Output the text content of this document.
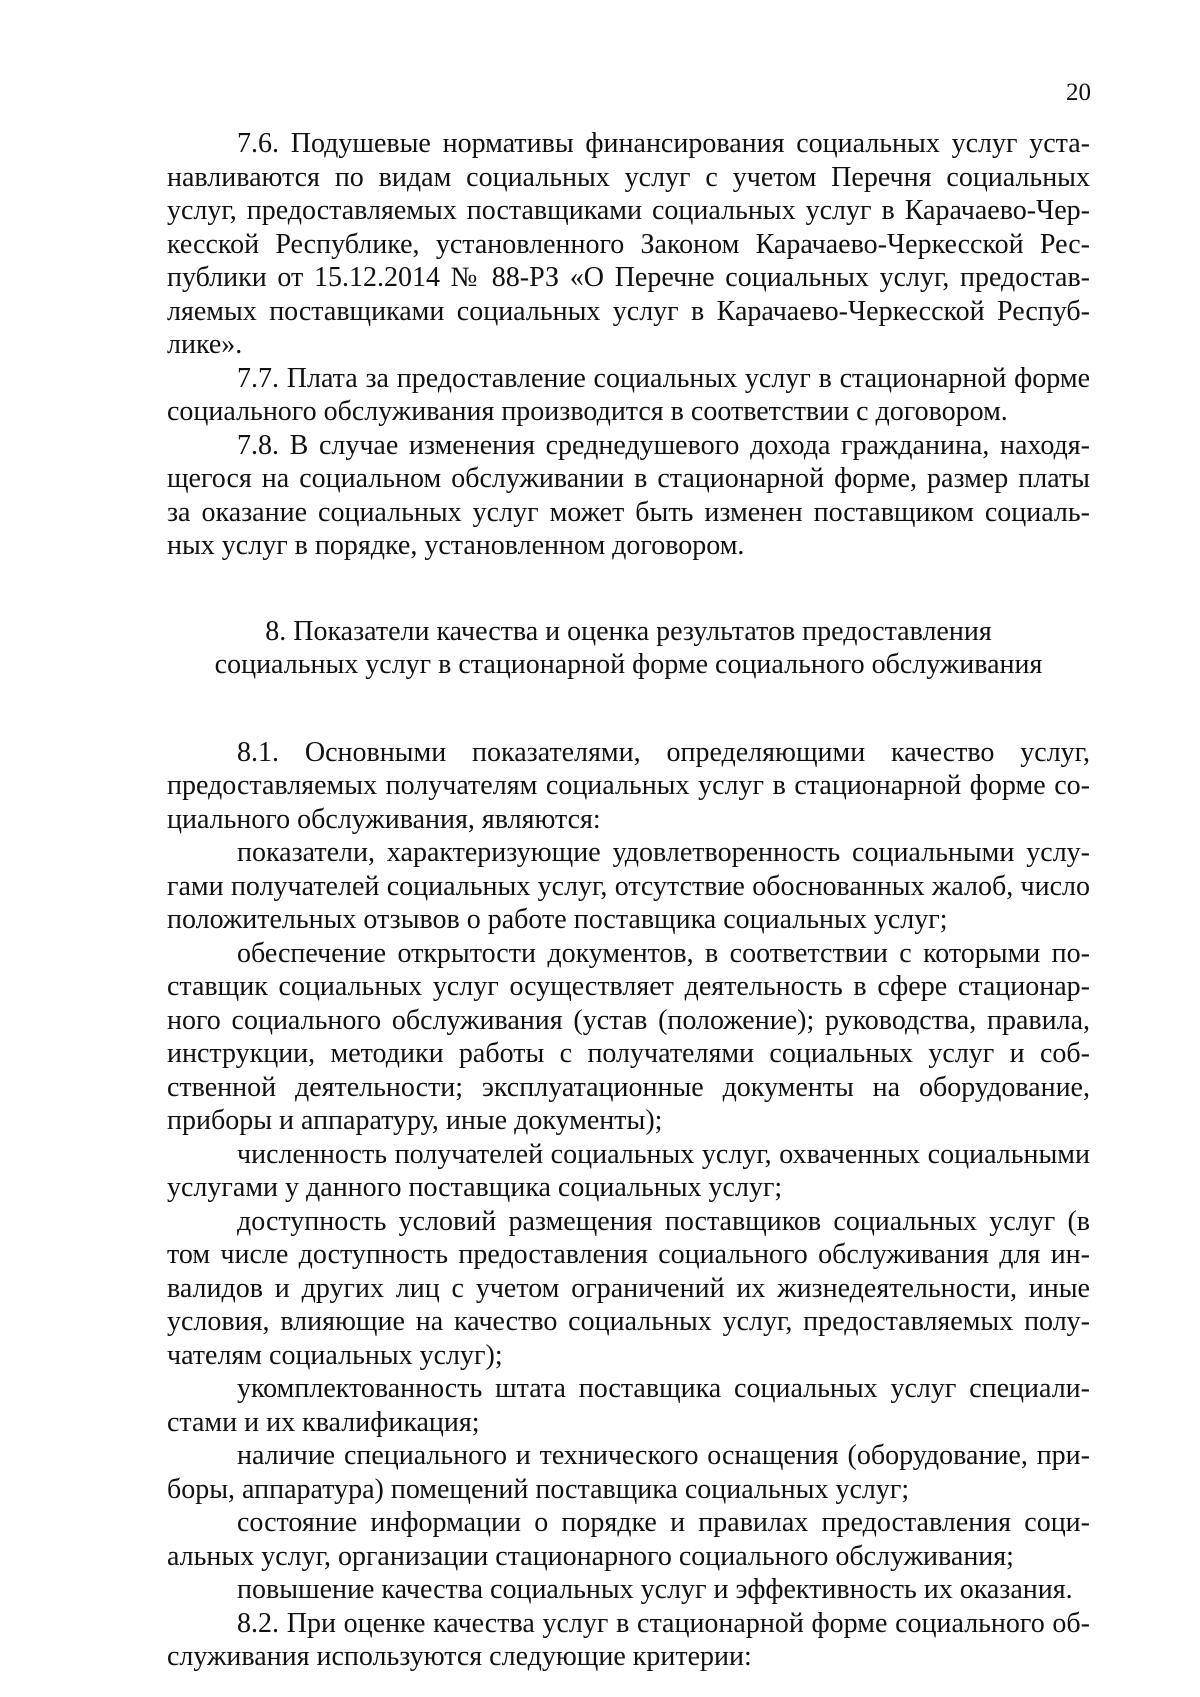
20

7.6. Подушевые нормативы финансирования социальных услуг устанавливаются по видам социальных услуг с учетом Перечня социальных услуг, предоставляемых поставщиками социальных услуг в Карачаево-Черкесской Республике, установленного Законом Карачаево-Черкесской Республики от 15.12.2014 № 88-РЗ «О Перечне социальных услуг, предоставляемых поставщиками социальных услуг в Карачаево-Черкесской Республике».

7.7. Плата за предоставление социальных услуг в стационарной форме социального обслуживания производится в соответствии с договором.

7.8. В случае изменения среднедушевого дохода гражданина, находящегося на социальном обслуживании в стационарной форме, размер платы за оказание социальных услуг может быть изменен поставщиком социальных услуг в порядке, установленном договором.

8. Показатели качества и оценка результатов предоставления
социальных услуг в стационарной форме социального обслуживания

8.1. Основными показателями, определяющими качество услуг, предоставляемых получателям социальных услуг в стационарной форме социального обслуживания, являются:

показатели, характеризующие удовлетворенность социальными услугами получателей социальных услуг, отсутствие обоснованных жалоб, число положительных отзывов о работе поставщика социальных услуг;

обеспечение открытости документов, в соответствии с которыми поставщик социальных услуг осуществляет деятельность в сфере стационарного социального обслуживания (устав (положение); руководства, правила, инструкции, методики работы с получателями социальных услуг и собственной деятельности; эксплуатационные документы на оборудование, приборы и аппаратуру, иные документы);

численность получателей социальных услуг, охваченных социальными услугами у данного поставщика социальных услуг;

доступность условий размещения поставщиков социальных услуг (в том числе доступность предоставления социального обслуживания для инвалидов и других лиц с учетом ограничений их жизнедеятельности, иные условия, влияющие на качество социальных услуг, предоставляемых получателям социальных услуг);

укомплектованность штата поставщика социальных услуг специалистами и их квалификация;

наличие специального и технического оснащения (оборудование, приборы, аппаратура) помещений поставщика социальных услуг;

состояние информации о порядке и правилах предоставления социальных услуг, организации стационарного социального обслуживания;

повышение качества социальных услуг и эффективность их оказания.

8.2. При оценке качества услуг в стационарной форме социального обслуживания используются следующие критерии:
